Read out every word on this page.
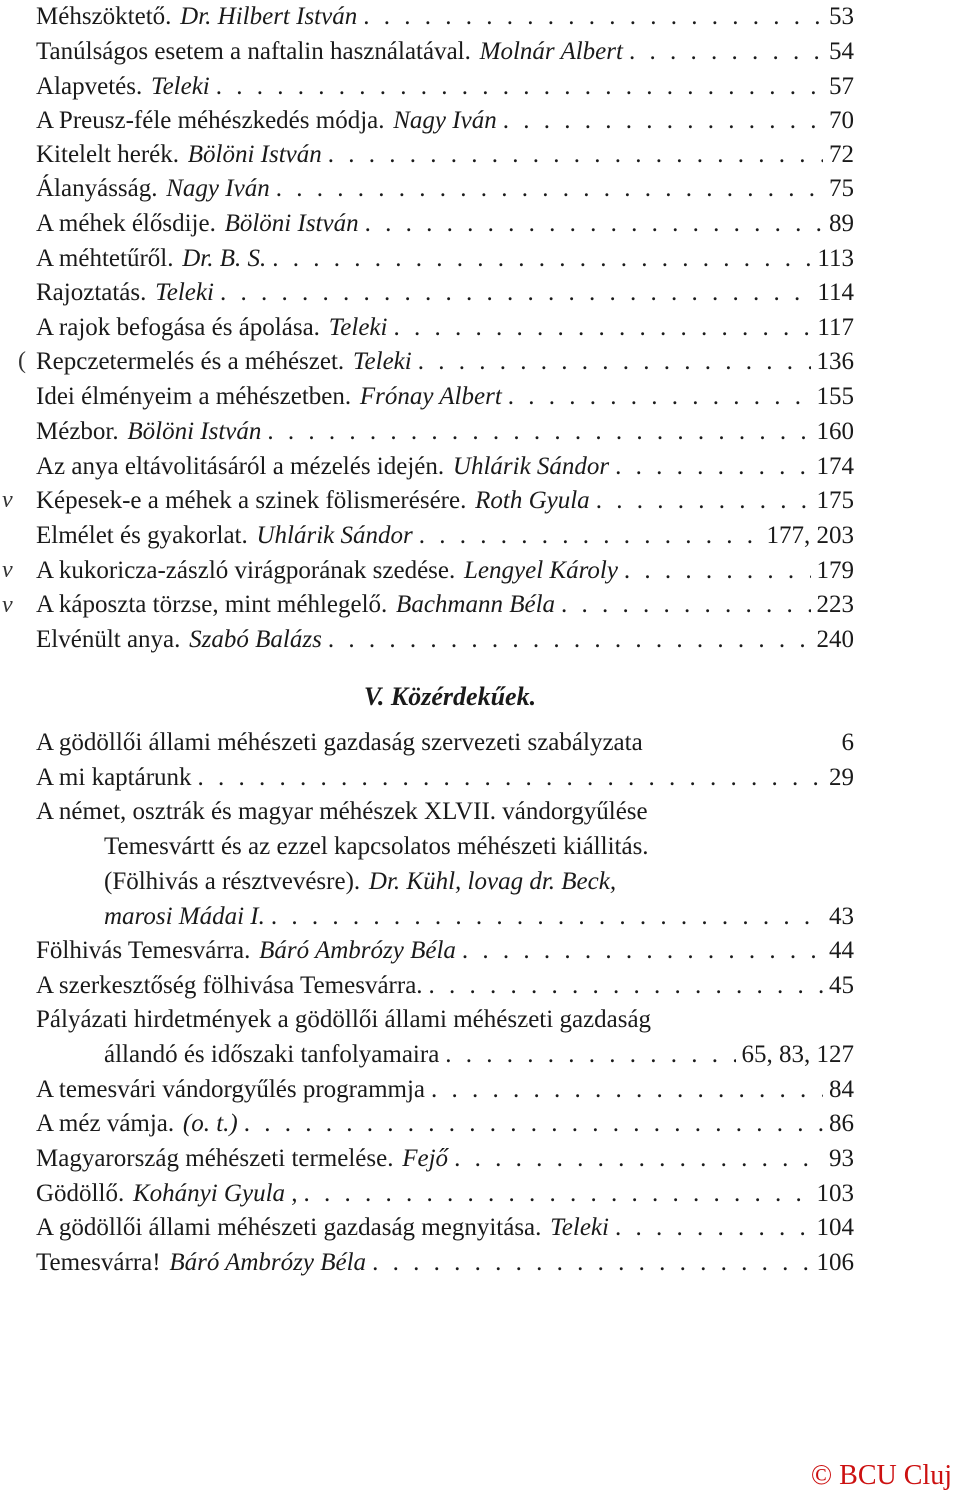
Méhszöktető. Dr. Hilbert István . . .	53
Tanúlságos esetem a naftalin használatával. Molnár Albert . . .	54
Alapvetés. Teleki . . .	57
A Preusz-féle méhészkedés módja. Nagy Iván . . .	70
Kitelelt herék. Bölöni István . . .	72
Álanyásság. Nagy Iván . . .	75
A méhek élősdije. Bölöni István . . .	89
A méhtetűről. Dr. B. S. . . .	113
Rajoztatás. Teleki . . .	114
A rajok befogása és ápolása. Teleki . . .	117
( Repczetermelés és a méhészet. Teleki . . .	136
Idei élményeim a méhészetben. Frónay Albert . . .	155
Mézbor. Bölöni István . . .	160
Az anya eltávolitásáról a mézelés idején. Uhlárik Sándor . . .	174
v Képesek-e a méhek a szinek fölismerésére. Roth Gyula . . .	175
Elmélet és gyakorlat. Uhlárik Sándor . . .	177, 203
v A kukoricza-zászló virágporának szedése. Lengyel Károly . . .	179
v A káposzta törzse, mint méhlegelő. Bachmann Béla . . .	223
Elvénült anya. Szabó Balázs . . .	240
V. Közérdekűek.
A gödöllői állami méhészeti gazdaság szervezeti szabályzata	6
A mi kaptárunk . . .	29
A német, osztrák és magyar méhészek XLVII. vándorgyűlése
Temesvártt és az ezzel kapcsolatos méhészeti kiállitás.
(Fölhivás a résztvevésre). Dr. Kühl, lovag dr. Beck,
marosi Mádai I. . . .	43
Fölhivás Temesvárra. Báró Ambrózy Béla . . .	44
A szerkesztőség fölhivása Temesvárra. . . .	45
Pályázati hirdetmények a gödöllői állami méhészeti gazdaság
állandó és időszaki tanfolyamaira . . .	65, 83, 127
A temesvári vándorgyűlés programmja . . .	84
A méz vámja. (o. t.) . . .	86
Magyarország méhészeti termelése. Fejő . . .	93
Gödöllő. Kohányi Gyula , . . .	103
A gödöllői állami méhészeti gazdaság megnyitása. Teleki . . .	104
Temesvárra! Báró Ambrózy Béla . . .	106
© BCU Cluj
